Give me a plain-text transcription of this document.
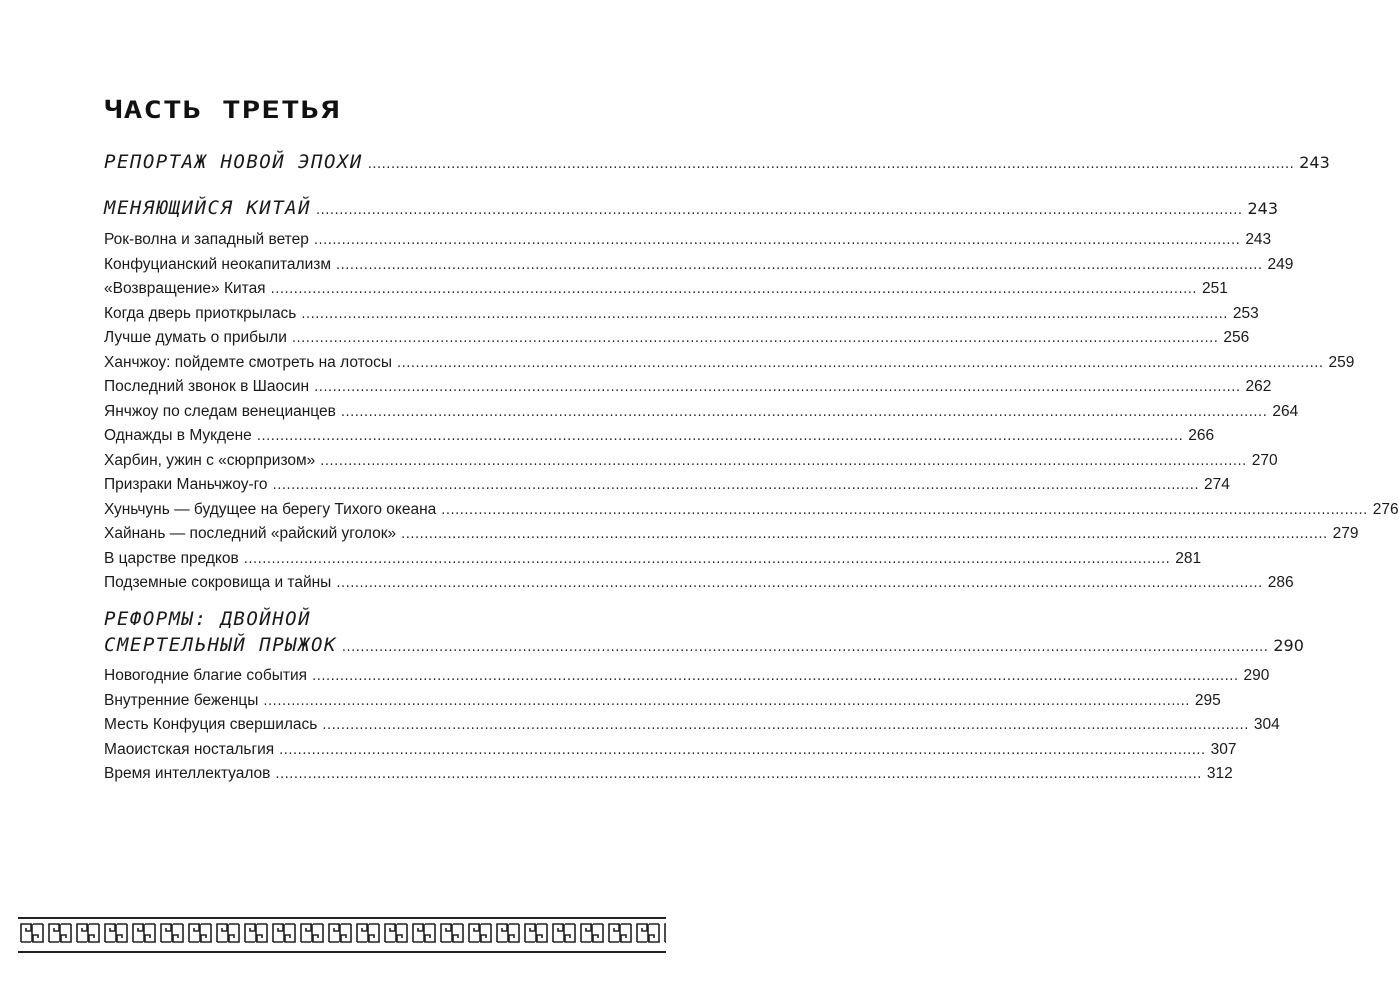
ЧАСТЬ ТРЕТЬЯ
РЕПОРТАЖ НОВОЙ ЭПОХИ ........................................................................................................................................................................................................ 243
МЕНЯЮЩИЙСЯ КИТАЙ ........................................................................................................................................................................................................ 243
Рок-волна и западный ветер ........................................................................................................................................................................................................ 243
Конфуцианский неокапитализм ........................................................................................................................................................................................................ 249
«Возвращение» Китая ........................................................................................................................................................................................................ 251
Когда дверь приоткрылась ........................................................................................................................................................................................................ 253
Лучше думать о прибыли ........................................................................................................................................................................................................ 256
Ханчжоу: пойдемте смотреть на лотосы ........................................................................................................................................................................................................ 259
Последний звонок в Шаосин ........................................................................................................................................................................................................ 262
Янчжоу по следам венецианцев ........................................................................................................................................................................................................ 264
Однажды в Мукдене ........................................................................................................................................................................................................ 266
Харбин, ужин с «сюрпризом» ........................................................................................................................................................................................................ 270
Призраки Маньчжоу-го ........................................................................................................................................................................................................ 274
Хуньчунь — будущее на берегу Тихого океана ........................................................................................................................................................................................................ 276
Хайнань — последний «райский уголок» ........................................................................................................................................................................................................ 279
В царстве предков ........................................................................................................................................................................................................ 281
Подземные сокровища и тайны ........................................................................................................................................................................................................ 286
РЕФОРМЫ: ДВОЙНОЙ
СМЕРТЕЛЬНЫЙ ПРЫЖОК ........................................................................................................................................................................................................ 290
Новогодние благие события ........................................................................................................................................................................................................ 290
Внутренние беженцы ........................................................................................................................................................................................................ 295
Месть Конфуция свершилась ........................................................................................................................................................................................................ 304
Маоистская ностальгия ........................................................................................................................................................................................................ 307
Время интеллектуалов ........................................................................................................................................................................................................ 312
